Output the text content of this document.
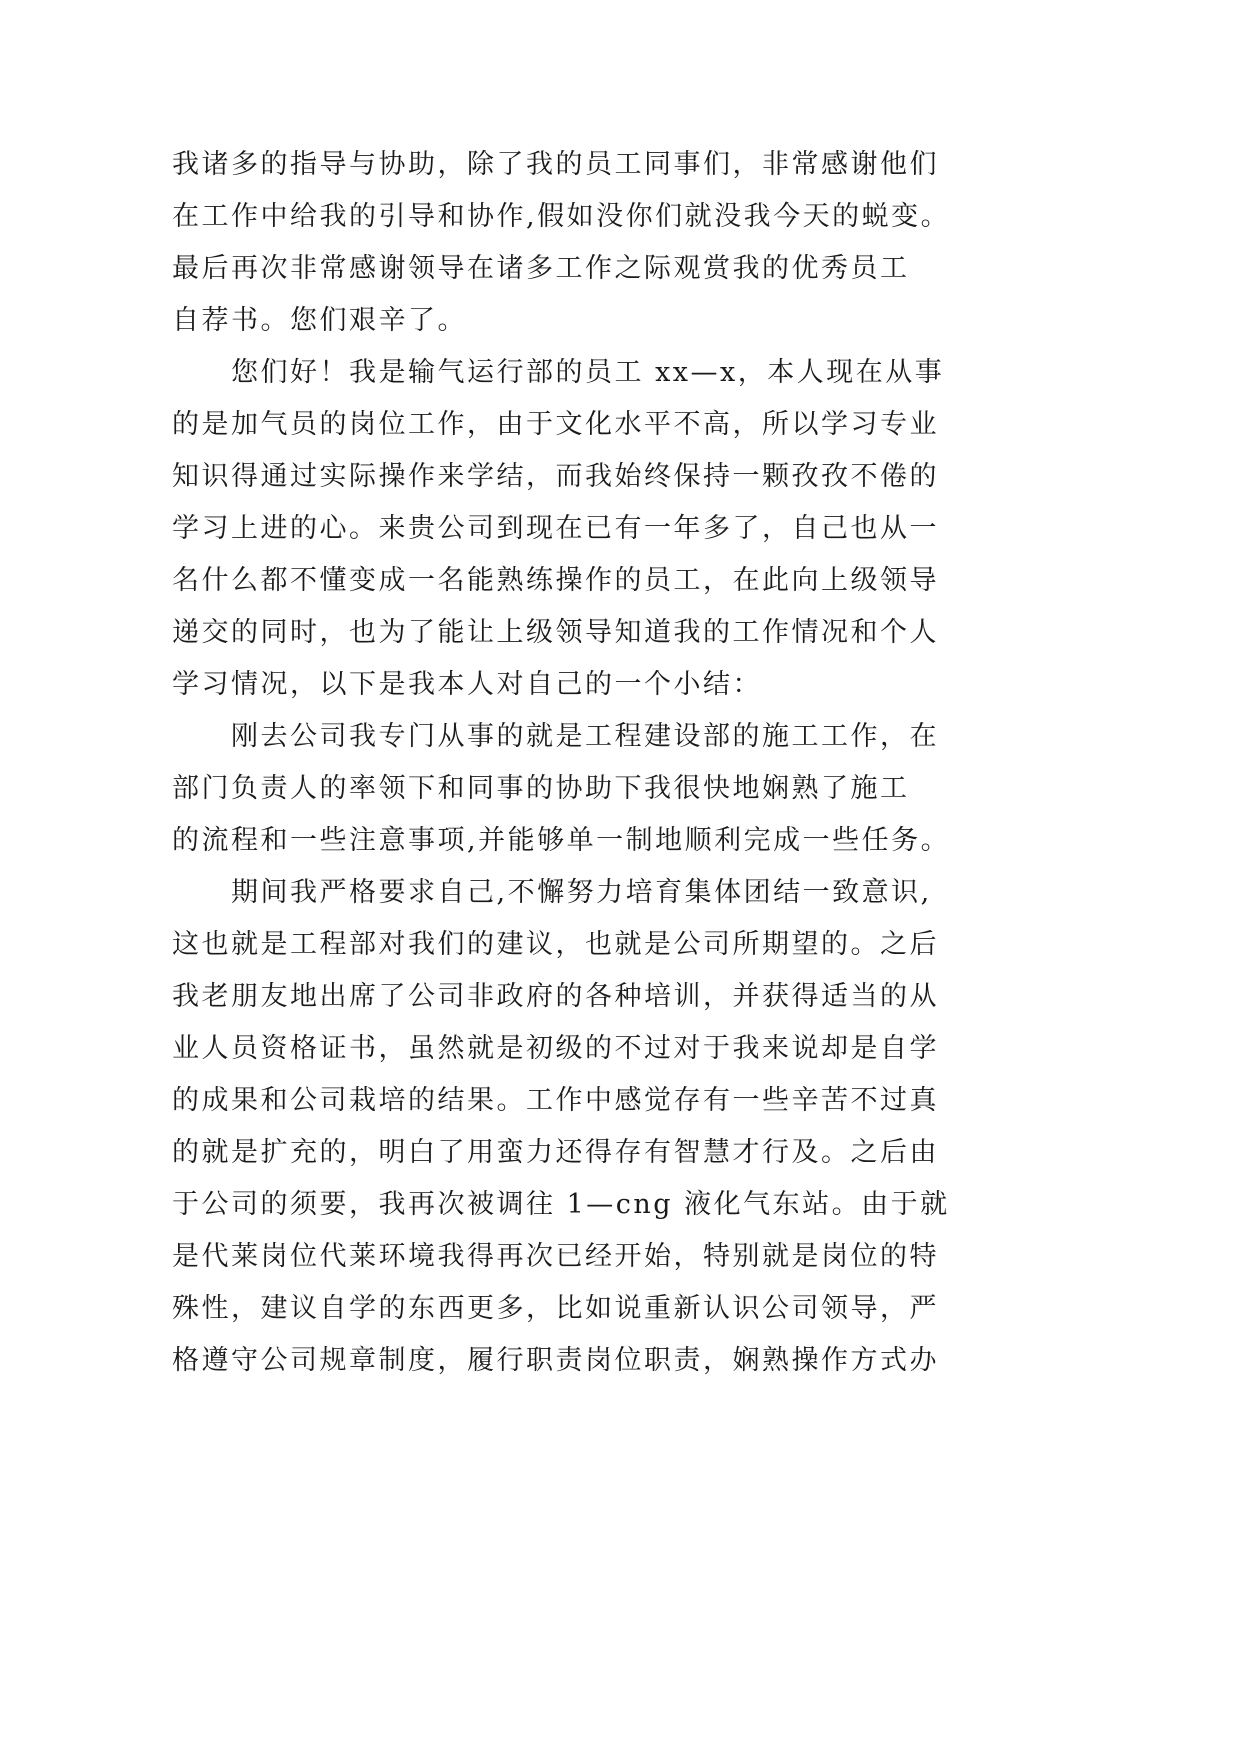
我诸多的指导与协助，除了我的员工同事们，非常感谢他们
在工作中给我的引导和协作,假如没你们就没我今天的蜕变。
最后再次非常感谢领导在诸多工作之际观赏我的优秀员工
自荐书。您们艰辛了。
您们好！我是输气运行部的员工 xx—x，本人现在从事
的是加气员的岗位工作，由于文化水平不高，所以学习专业
知识得通过实际操作来学结，而我始终保持一颗孜孜不倦的
学习上进的心。来贵公司到现在已有一年多了，自己也从一
名什么都不懂变成一名能熟练操作的员工，在此向上级领导
递交的同时，也为了能让上级领导知道我的工作情况和个人
学习情况，以下是我本人对自己的一个小结：
刚去公司我专门从事的就是工程建设部的施工工作，在
部门负责人的率领下和同事的协助下我很快地娴熟了施工
的流程和一些注意事项,并能够单一制地顺利完成一些任务。
期间我严格要求自己,不懈努力培育集体团结一致意识,
这也就是工程部对我们的建议，也就是公司所期望的。之后
我老朋友地出席了公司非政府的各种培训，并获得适当的从
业人员资格证书，虽然就是初级的不过对于我来说却是自学
的成果和公司栽培的结果。工作中感觉存有一些辛苦不过真
的就是扩充的，明白了用蛮力还得存有智慧才行及。之后由
于公司的须要，我再次被调往 1—cng 液化气东站。由于就
是代莱岗位代莱环境我得再次已经开始，特别就是岗位的特
殊性，建议自学的东西更多，比如说重新认识公司领导，严
格遵守公司规章制度，履行职责岗位职责，娴熟操作方式办
